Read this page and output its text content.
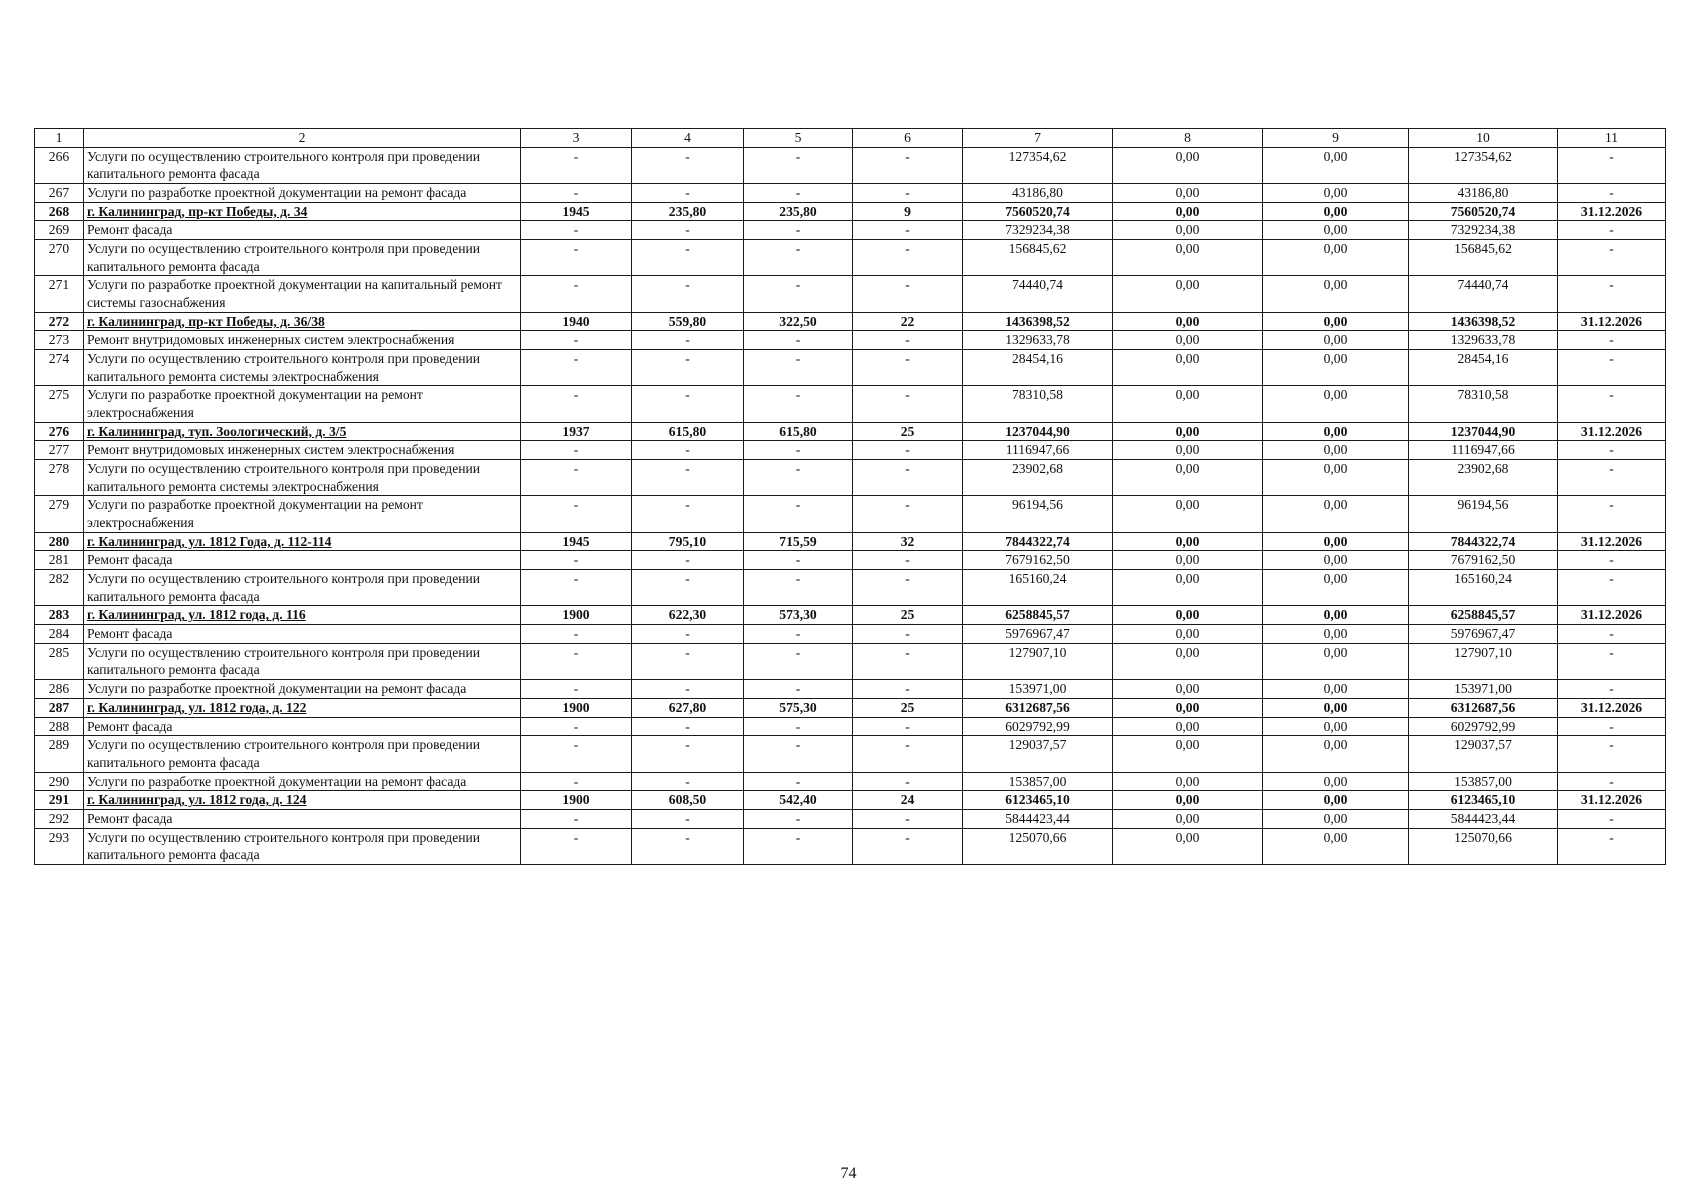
1	2	3	4	5	6	7	8	9	10	11
266	Услуги по осуществлению строительного контроля при проведении капитального ремонта фасада	-	-	-	-	127354,62	0,00	0,00	127354,62	-
267	Услуги по разработке проектной документации на ремонт фасада	-	-	-	-	43186,80	0,00	0,00	43186,80	-
268	г. Калининград, пр-кт Победы, д. 34	1945	235,80	235,80	9	7560520,74	0,00	0,00	7560520,74	31.12.2026
269	Ремонт фасада	-	-	-	-	7329234,38	0,00	0,00	7329234,38	-
270	Услуги по осуществлению строительного контроля при проведении капитального ремонта фасада	-	-	-	-	156845,62	0,00	0,00	156845,62	-
271	Услуги по разработке проектной документации на капитальный ремонт системы газоснабжения	-	-	-	-	74440,74	0,00	0,00	74440,74	-
272	г. Калининград, пр-кт Победы, д. 36/38	1940	559,80	322,50	22	1436398,52	0,00	0,00	1436398,52	31.12.2026
273	Ремонт внутридомовых инженерных систем электроснабжения	-	-	-	-	1329633,78	0,00	0,00	1329633,78	-
274	Услуги по осуществлению строительного контроля при проведении капитального ремонта системы электроснабжения	-	-	-	-	28454,16	0,00	0,00	28454,16	-
275	Услуги по разработке проектной документации на ремонт электроснабжения	-	-	-	-	78310,58	0,00	0,00	78310,58	-
276	г. Калининград, туп. Зоологический, д. 3/5	1937	615,80	615,80	25	1237044,90	0,00	0,00	1237044,90	31.12.2026
277	Ремонт внутридомовых инженерных систем электроснабжения	-	-	-	-	1116947,66	0,00	0,00	1116947,66	-
278	Услуги по осуществлению строительного контроля при проведении капитального ремонта системы электроснабжения	-	-	-	-	23902,68	0,00	0,00	23902,68	-
279	Услуги по разработке проектной документации на ремонт электроснабжения	-	-	-	-	96194,56	0,00	0,00	96194,56	-
280	г. Калининград, ул. 1812 Года, д. 112-114	1945	795,10	715,59	32	7844322,74	0,00	0,00	7844322,74	31.12.2026
281	Ремонт фасада	-	-	-	-	7679162,50	0,00	0,00	7679162,50	-
282	Услуги по осуществлению строительного контроля при проведении капитального ремонта фасада	-	-	-	-	165160,24	0,00	0,00	165160,24	-
283	г. Калининград, ул. 1812 года, д. 116	1900	622,30	573,30	25	6258845,57	0,00	0,00	6258845,57	31.12.2026
284	Ремонт фасада	-	-	-	-	5976967,47	0,00	0,00	5976967,47	-
285	Услуги по осуществлению строительного контроля при проведении капитального ремонта фасада	-	-	-	-	127907,10	0,00	0,00	127907,10	-
286	Услуги по разработке проектной документации на ремонт фасада	-	-	-	-	153971,00	0,00	0,00	153971,00	-
287	г. Калининград, ул. 1812 года, д. 122	1900	627,80	575,30	25	6312687,56	0,00	0,00	6312687,56	31.12.2026
288	Ремонт фасада	-	-	-	-	6029792,99	0,00	0,00	6029792,99	-
289	Услуги по осуществлению строительного контроля при проведении капитального ремонта фасада	-	-	-	-	129037,57	0,00	0,00	129037,57	-
290	Услуги по разработке проектной документации на ремонт фасада	-	-	-	-	153857,00	0,00	0,00	153857,00	-
291	г. Калининград, ул. 1812 года, д. 124	1900	608,50	542,40	24	6123465,10	0,00	0,00	6123465,10	31.12.2026
292	Ремонт фасада	-	-	-	-	5844423,44	0,00	0,00	5844423,44	-
293	Услуги по осуществлению строительного контроля при проведении капитального ремонта фасада	-	-	-	-	125070,66	0,00	0,00	125070,66	-
74
